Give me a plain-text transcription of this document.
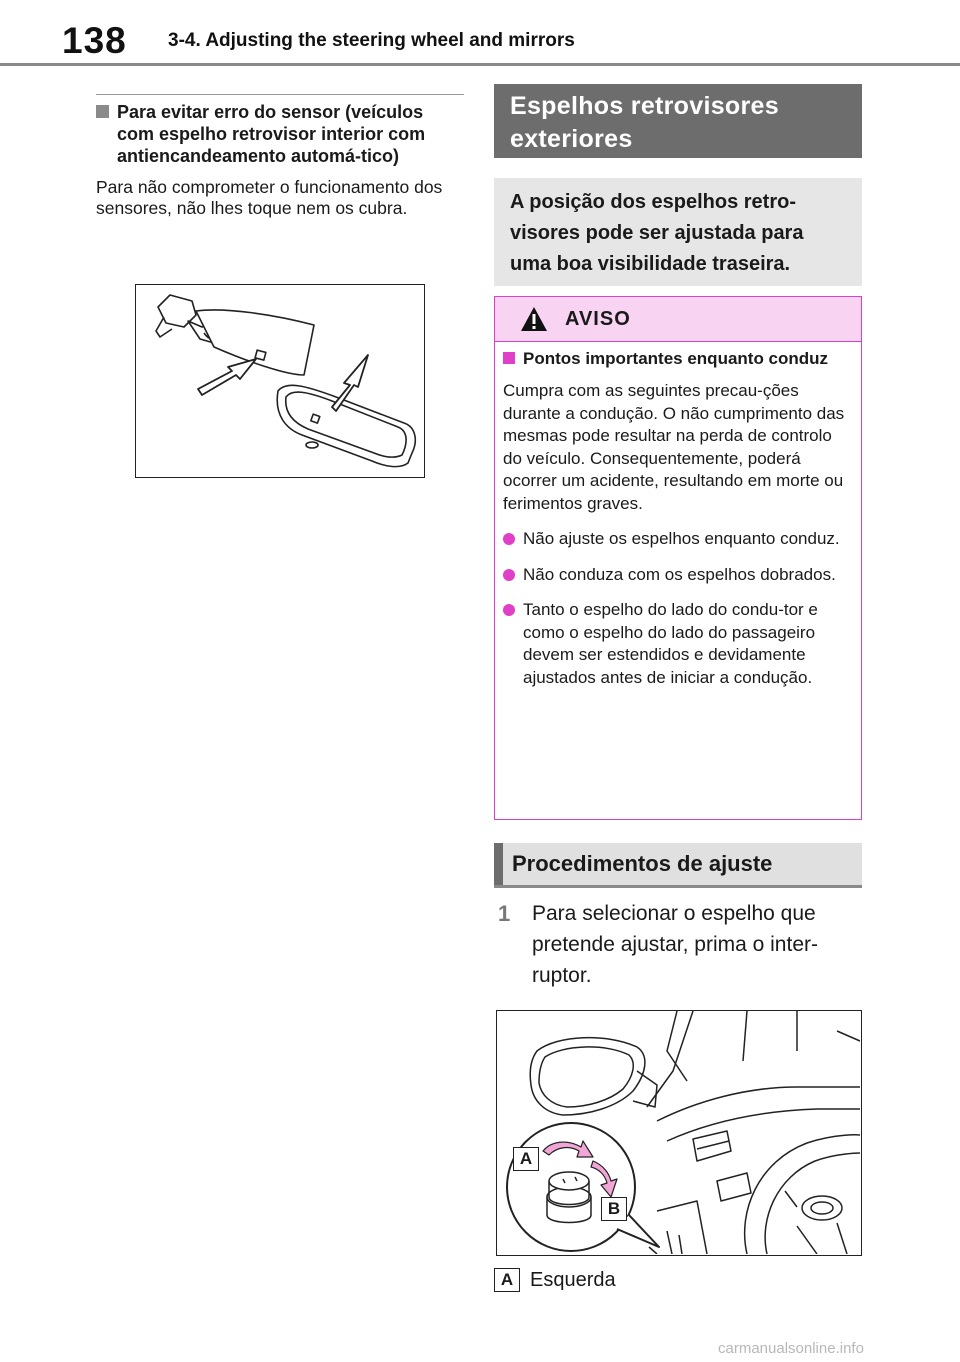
138 3-4. Adjusting the steering wheel and mirrors
Para evitar erro do sensor (veículos com espelho retrovisor interior com antiencandeamento automá-tico)
Para não comprometer o funcionamento dos sensores, não lhes toque nem os cubra.
Espelhos retrovisores exteriores
A posição dos espelhos retro-visores pode ser ajustada para uma boa visibilidade traseira.
AVISO
Pontos importantes enquanto conduz
Cumpra com as seguintes precau-ções durante a condução. O não cumprimento das mesmas pode resultar na perda de controlo do veículo. Consequentemente, poderá ocorrer um acidente, resultando em morte ou ferimentos graves.
Não ajuste os espelhos enquanto conduz.
Não conduza com os espelhos dobrados.
Tanto o espelho do lado do condu-tor e como o espelho do lado do passageiro devem ser estendidos e devidamente ajustados antes de iniciar a condução.
Procedimentos de ajuste
1	Para selecionar o espelho que pretende ajustar, prima o inter-ruptor.
A
B
A Esquerda
carmanualsonline.info
